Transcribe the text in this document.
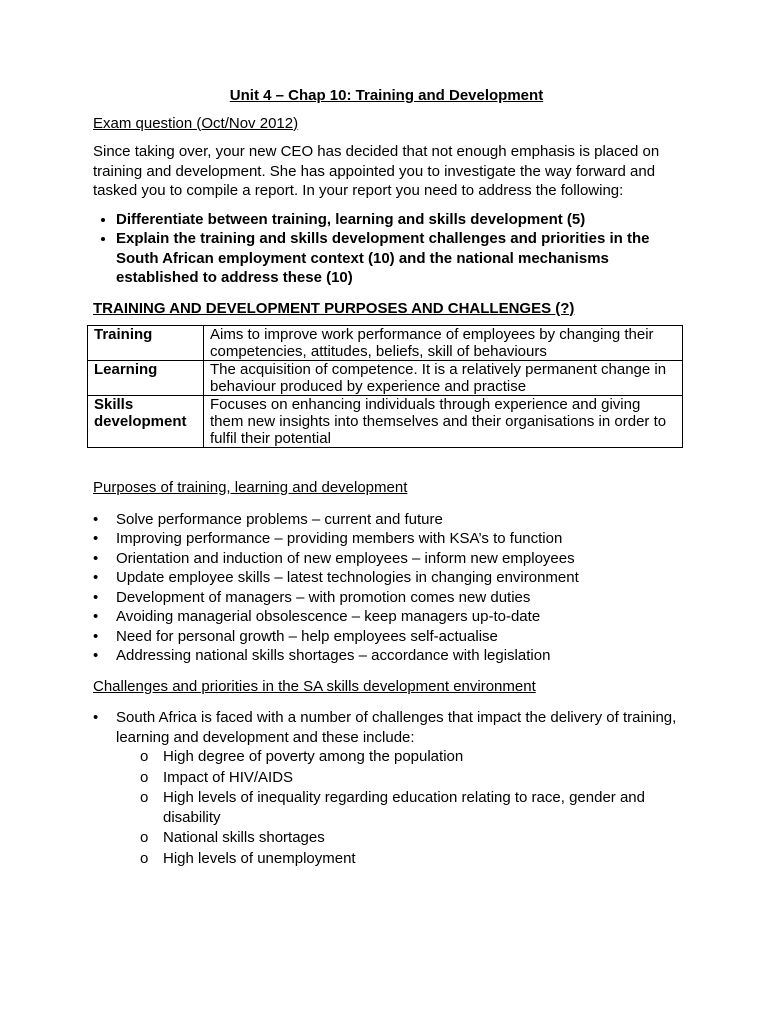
Unit 4 – Chap 10: Training and Development

Exam question (Oct/Nov 2012)

Since taking over, your new CEO has decided that not enough emphasis is placed on training and development. She has appointed you to investigate the way forward and tasked you to compile a report. In your report you need to address the following:

• Differentiate between training, learning and skills development (5)
• Explain the training and skills development challenges and priorities in the South African employment context (10) and the national mechanisms established to address these (10)

TRAINING AND DEVELOPMENT PURPOSES AND CHALLENGES (?)

Training	Aims to improve work performance of employees by changing their competencies, attitudes, beliefs, skill of behaviours
Learning	The acquisition of competence. It is a relatively permanent change in behaviour produced by experience and practise
Skills development	Focuses on enhancing individuals through experience and giving them new insights into themselves and their organisations in order to fulfil their potential

Purposes of training, learning and development

• Solve performance problems – current and future
• Improving performance – providing members with KSA’s to function
• Orientation and induction of new employees – inform new employees
• Update employee skills – latest technologies in changing environment
• Development of managers – with promotion comes new duties
• Avoiding managerial obsolescence – keep managers up-to-date
• Need for personal growth – help employees self-actualise
• Addressing national skills shortages – accordance with legislation

Challenges and priorities in the SA skills development environment

• South Africa is faced with a number of challenges that impact the delivery of training, learning and development and these include:
o High degree of poverty among the population
o Impact of HIV/AIDS
o High levels of inequality regarding education relating to race, gender and disability
o National skills shortages
o High levels of unemployment
